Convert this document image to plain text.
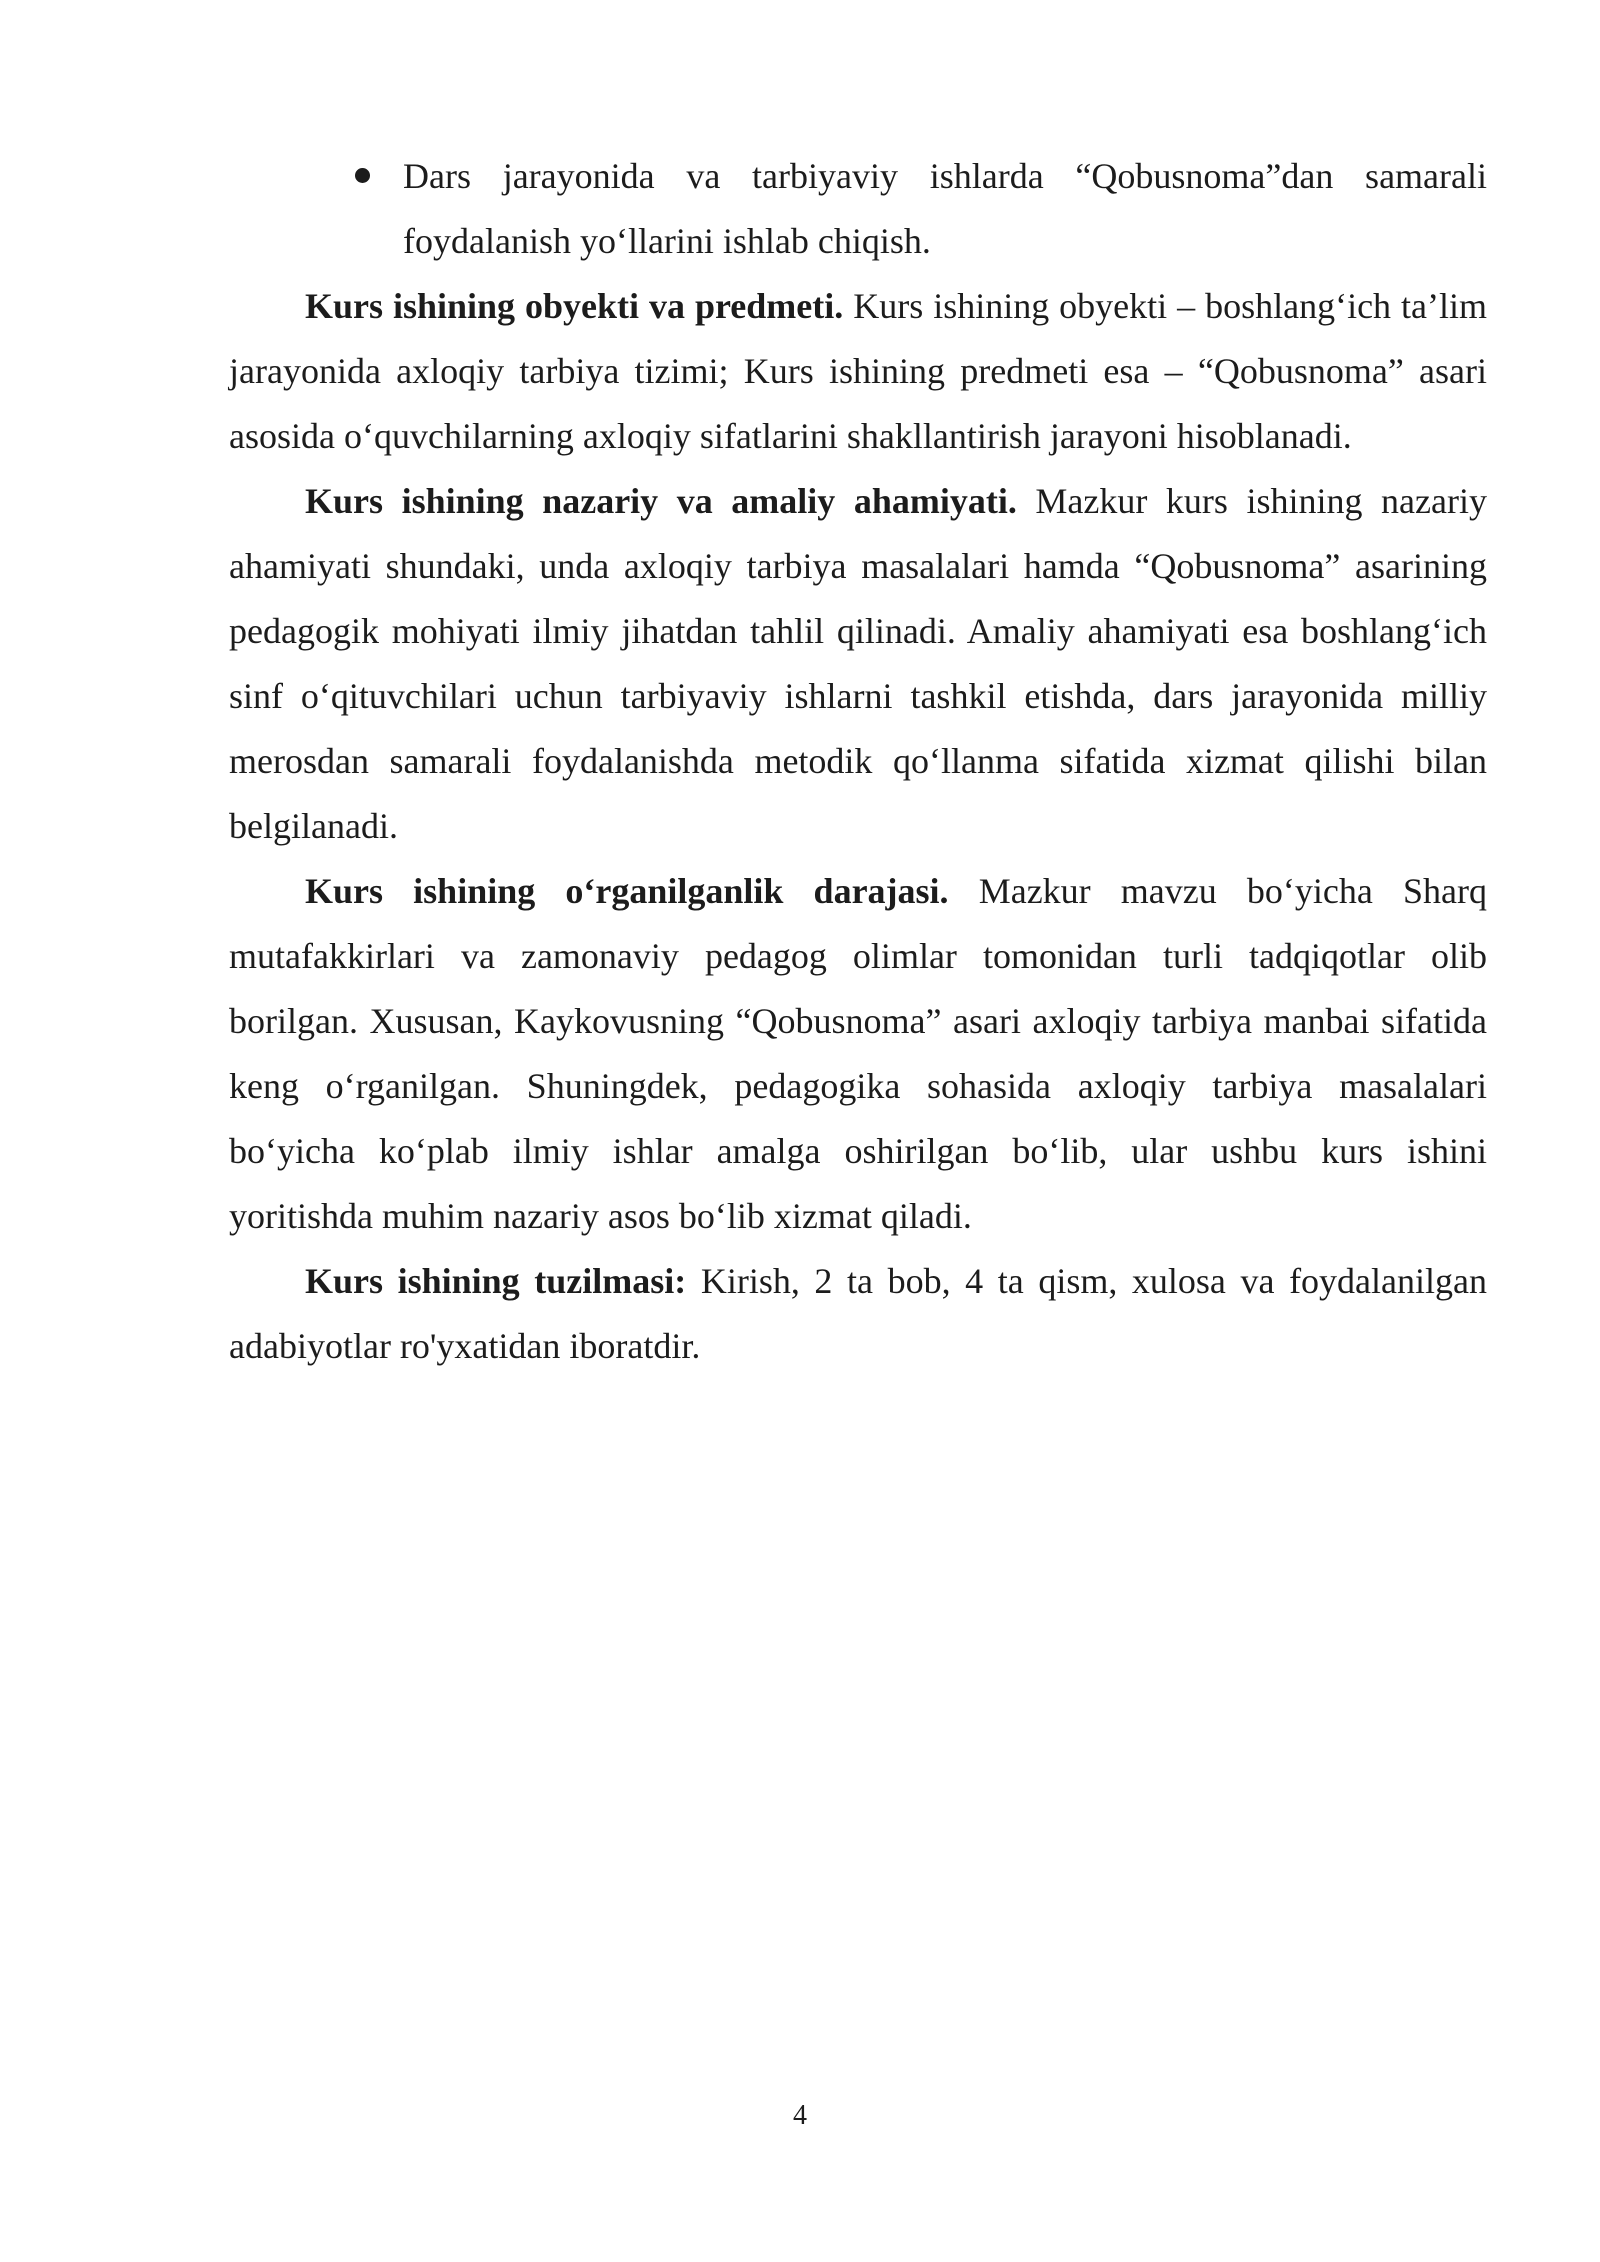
Dars jarayonida va tarbiyaviy ishlarda “Qobusnoma”dan samarali foydalanish yo‘llarini ishlab chiqish.

Kurs ishining obyekti va predmeti. Kurs ishining obyekti – boshlang‘ich ta’lim jarayonida axloqiy tarbiya tizimi; Kurs ishining predmeti esa – “Qobusnoma” asari asosida o‘quvchilarning axloqiy sifatlarini shakllantirish jarayoni hisoblanadi.

Kurs ishining nazariy va amaliy ahamiyati. Mazkur kurs ishining nazariy ahamiyati shundaki, unda axloqiy tarbiya masalalari hamda “Qobusnoma” asarining pedagogik mohiyati ilmiy jihatdan tahlil qilinadi. Amaliy ahamiyati esa boshlang‘ich sinf o‘qituvchilari uchun tarbiyaviy ishlarni tashkil etishda, dars jarayonida milliy merosdan samarali foydalanishda metodik qo‘llanma sifatida xizmat qilishi bilan belgilanadi.

Kurs ishining o‘rganilganlik darajasi. Mazkur mavzu bo‘yicha Sharq mutafakkirlari va zamonaviy pedagog olimlar tomonidan turli tadqiqotlar olib borilgan. Xususan, Kaykovusning “Qobusnoma” asari axloqiy tarbiya manbai sifatida keng o‘rganilgan. Shuningdek, pedagogika sohasida axloqiy tarbiya masalalari bo‘yicha ko‘plab ilmiy ishlar amalga oshirilgan bo‘lib, ular ushbu kurs ishini yoritishda muhim nazariy asos bo‘lib xizmat qiladi.

Kurs ishining tuzilmasi: Kirish, 2 ta bob, 4 ta qism, xulosa va foydalanilgan adabiyotlar ro'yxatidan iboratdir.

4
